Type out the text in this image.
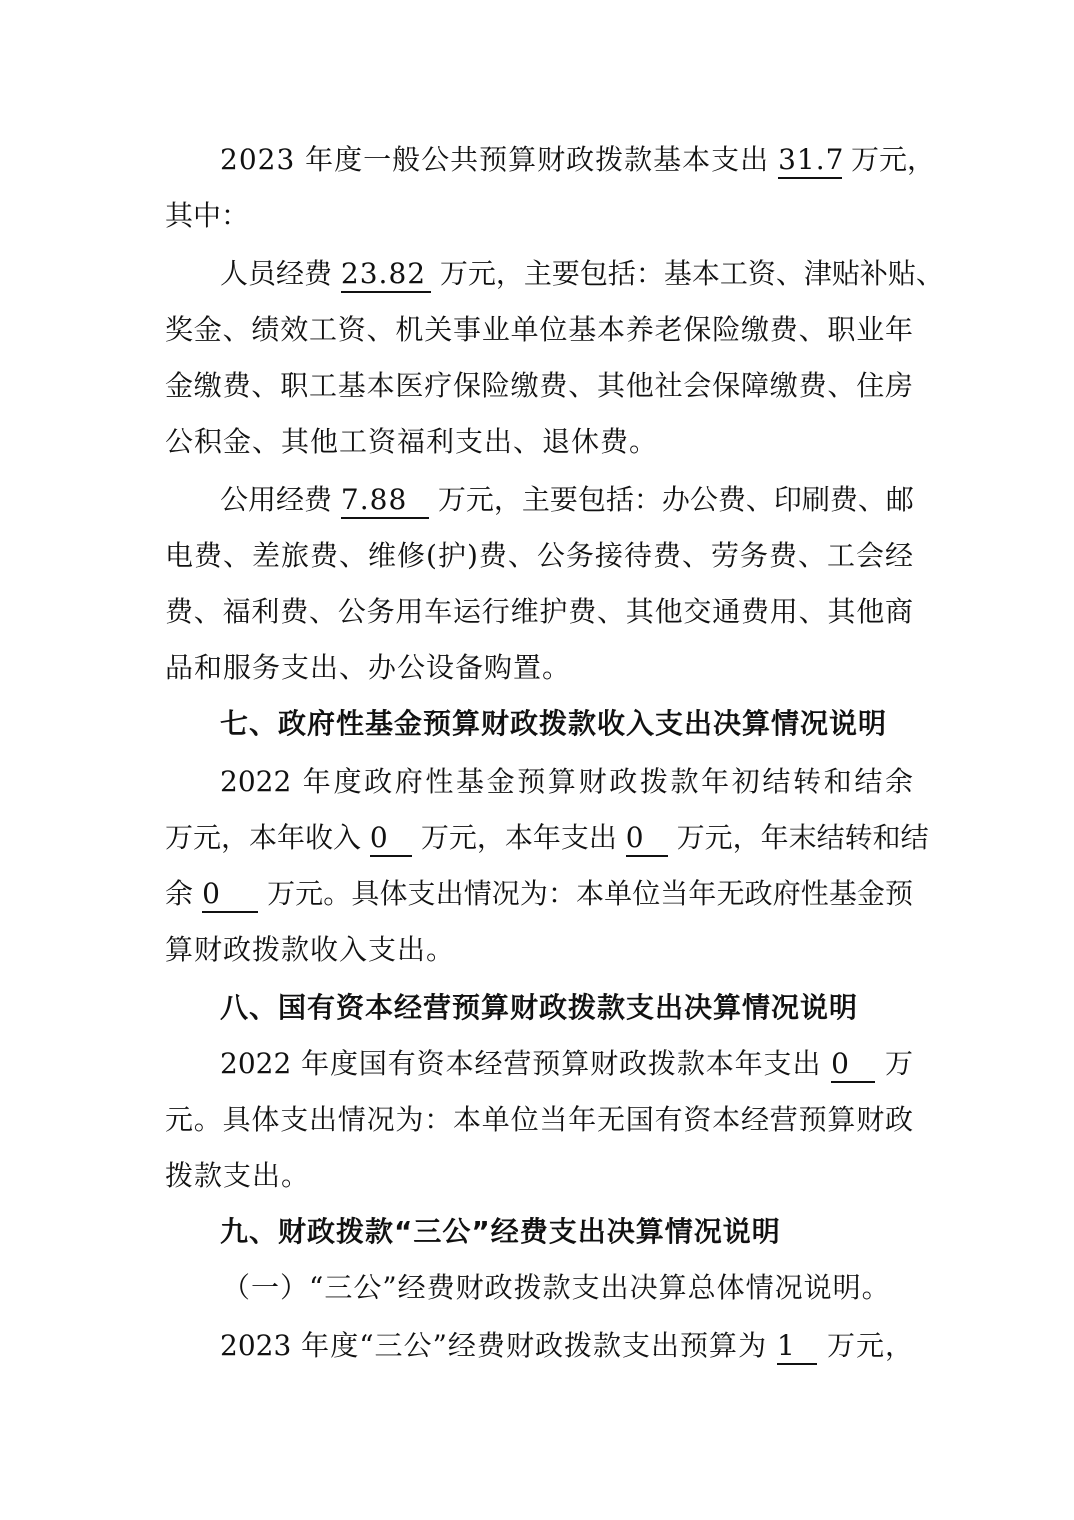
2023 年度一般公共预算财政拨款基本支出 31.7 万元，
其中：
人员经费 23.82 万元，主要包括：基本工资、津贴补贴、
奖金、绩效工资、机关事业单位基本养老保险缴费、职业年
金缴费、职工基本医疗保险缴费、其他社会保障缴费、住房
公积金、其他工资福利支出、退休费。
公用经费 7.88 万元，主要包括：办公费、印刷费、邮
电费、差旅费、维修(护)费、公务接待费、劳务费、工会经
费、福利费、公务用车运行维护费、其他交通费用、其他商
品和服务支出、办公设备购置。
七、政府性基金预算财政拨款收入支出决算情况说明
2022 年度政府性基金预算财政拨款年初结转和结余
万元，本年收入 0 万元，本年支出 0 万元，年末结转和结
余 0 万元。具体支出情况为：本单位当年无政府性基金预
算财政拨款收入支出。
八、国有资本经营预算财政拨款支出决算情况说明
2022 年度国有资本经营预算财政拨款本年支出 0 万
元。具体支出情况为：本单位当年无国有资本经营预算财政
拨款支出。
九、财政拨款“三公”经费支出决算情况说明
（一）“三公”经费财政拨款支出决算总体情况说明。
2023 年度“三公”经费财政拨款支出预算为 1 万元，
